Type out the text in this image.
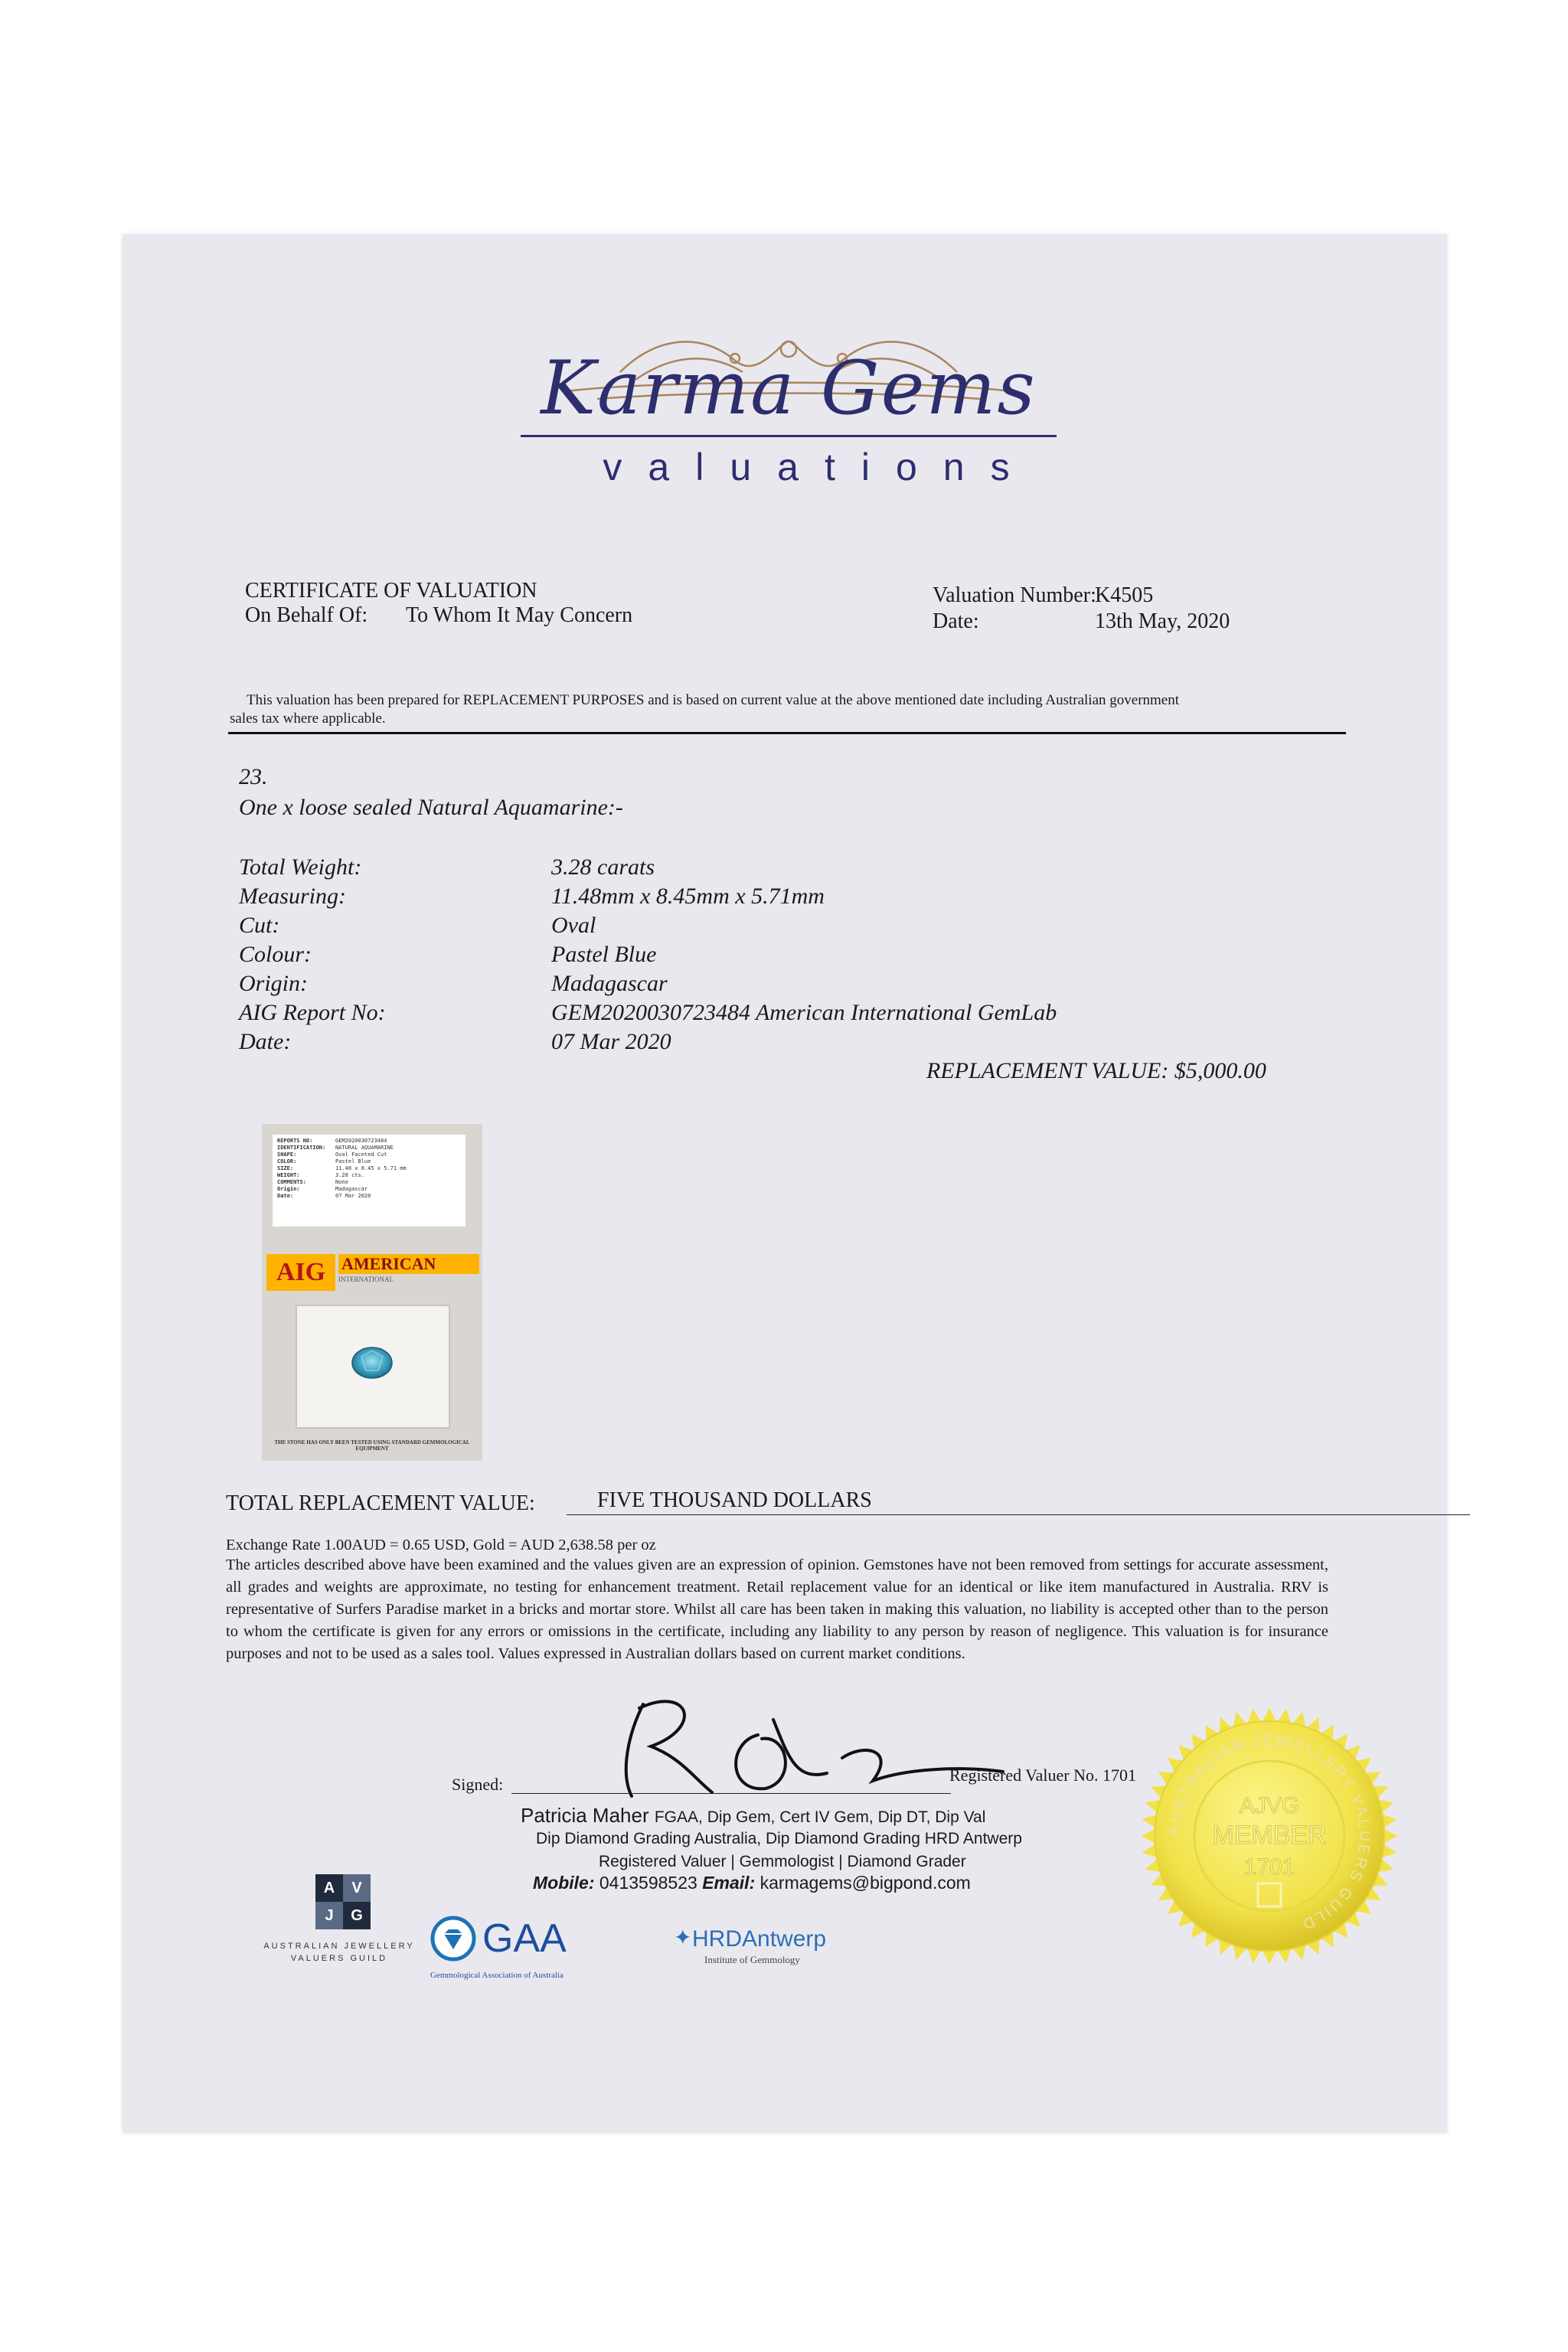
Karma Gems
valuations
CERTIFICATE OF VALUATION
On Behalf Of: To Whom It May Concern
Valuation Number:
K4505
Date:	13th May, 2020
This valuation has been prepared for REPLACEMENT PURPOSES and is based on current value at the above mentioned date including Australian government
sales tax where applicable.
23.
One x loose sealed Natural Aquamarine:-
Total Weight:	3.28 carats
Measuring:	11.48mm x 8.45mm x 5.71mm
Cut:	Oval
Colour:	Pastel Blue
Origin:	Madagascar
AIG Report No:	GEM2020030723484 American International GemLab
Date:	07 Mar 2020
REPLACEMENT VALUE: $5,000.00
TOTAL REPLACEMENT VALUE:	FIVE THOUSAND DOLLARS
Exchange Rate 1.00AUD = 0.65 USD, Gold = AUD 2,638.58 per oz
The articles described above have been examined and the values given are an expression of opinion. Gemstones have not been removed from settings for accurate assessment, all grades and weights are approximate, no testing for enhancement treatment. Retail replacement value for an identical or like item manufactured in Australia. RRV is representative of Surfers Paradise market in a bricks and mortar store. Whilst all care has been taken in making this valuation, no liability is accepted other than to the person to whom the certificate is given for any errors or omissions in the certificate, including any liability to any person by reason of negligence. This valuation is for insurance purposes and not to be used as a sales tool. Values expressed in Australian dollars based on current market conditions.
Signed:	Registered Valuer No. 1701
Patricia Maher FGAA, Dip Gem, Cert IV Gem, Dip DT, Dip Val
Dip Diamond Grading Australia, Dip Diamond Grading HRD Antwerp
Registered Valuer | Gemmologist | Diamond Grader
Mobile: 0413598523 Email: karmagems@bigpond.com
A	V
J	G
AUSTRALIAN JEWELLERY
VALUERS GUILD	GAA
Gemmological Association of Australia
✦ HRDAntwerp
Institute of Gemmology
REPORTS NO:	GEM2020030723484
IDENTIFICATION: NATURAL AQUAMARINE
SHAPE:	Oval Faceted Cut
COLOR:	Pastel Blue
SIZE:	11.48 x 8.45 x 5.71 mm
WEIGHT:	3.28 cts.
COMMENTS:	None
Origin:	Madagascar
Date:	07 Mar 2020
AIG AMERICAN
INTERNATIONAL
THE STONE HAS ONLY BEEN TESTED USING STANDARD GEMMOLOGICAL EQUIPMENT
AUSTRALIAN JEWELLERY VALUERS GUILD
AJVG
MEMBER
1701
